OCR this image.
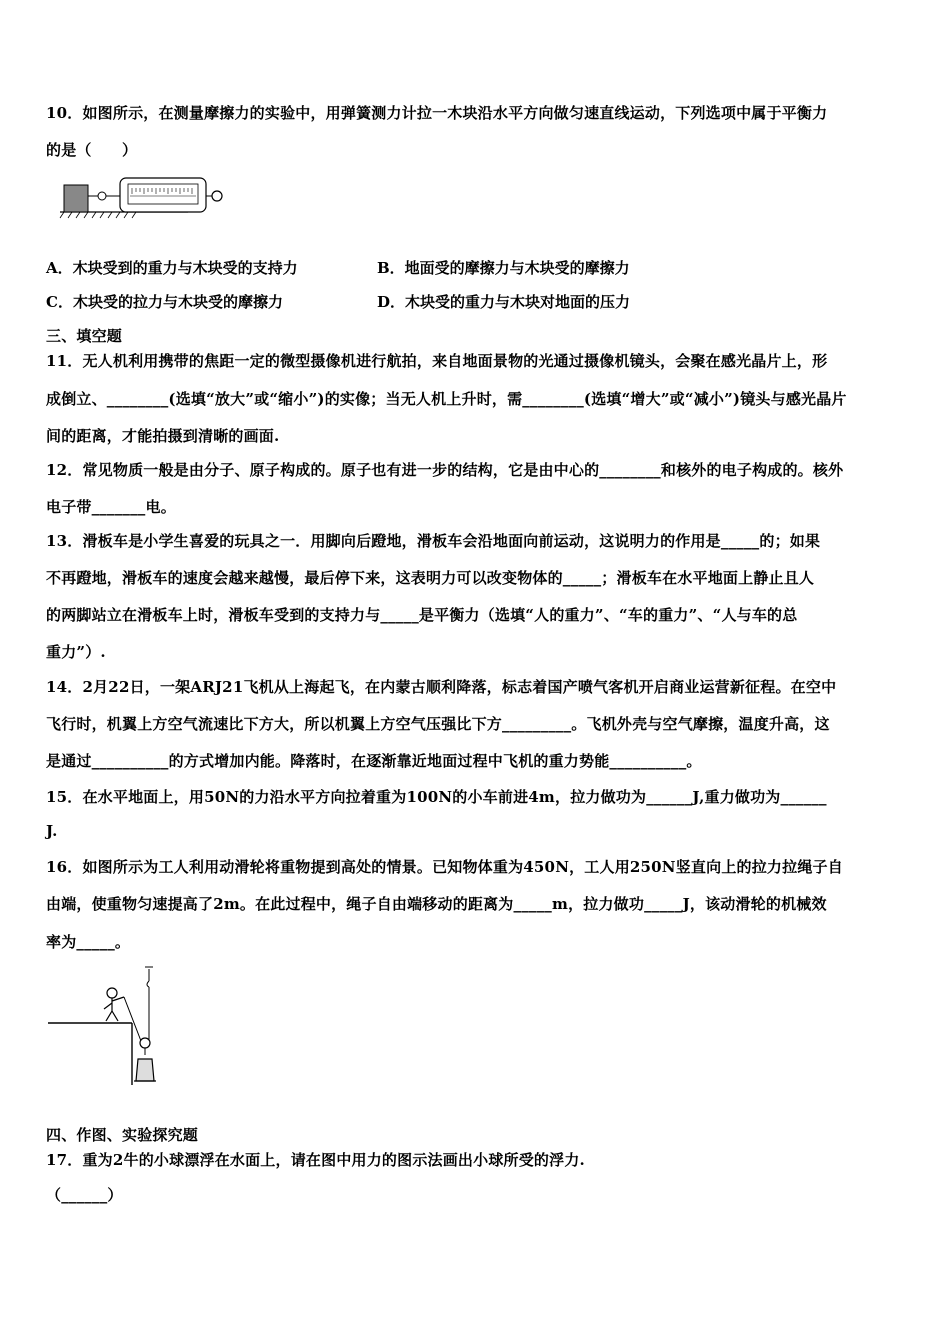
10．如图所示，在测量摩擦力的实验中，用弹簧测力计拉一木块沿水平方向做匀速直线运动，下列选项中属于平衡力
的是（　　）
A．木块受到的重力与木块受的支持力	B．地面受的摩擦力与木块受的摩擦力
C．木块受的拉力与木块受的摩擦力	D．木块受的重力与木块对地面的压力
三、填空题
11．无人机利用携带的焦距一定的微型摄像机进行航拍，来自地面景物的光通过摄像机镜头，会聚在感光晶片上，形
成倒立、________(选填“放大”或“缩小”)的实像；当无人机上升时，需________(选填“增大”或“减小”)镜头与感光晶片
间的距离，才能拍摄到清晰的画面.
12．常见物质一般是由分子、原子构成的。原子也有进一步的结构，它是由中心的________和核外的电子构成的。核外
电子带_______电。
13．滑板车是小学生喜爱的玩具之一．用脚向后蹬地，滑板车会沿地面向前运动，这说明力的作用是_____的；如果
不再蹬地，滑板车的速度会越来越慢，最后停下来，这表明力可以改变物体的_____；滑板车在水平地面上静止且人
的两脚站立在滑板车上时，滑板车受到的支持力与_____是平衡力（选填“人的重力”、“车的重力”、“人与车的总
重力”）.
14．2月22日，一架ARJ21飞机从上海起飞，在内蒙古顺利降落，标志着国产喷气客机开启商业运营新征程。在空中
飞行时，机翼上方空气流速比下方大，所以机翼上方空气压强比下方_________。飞机外壳与空气摩擦，温度升高，这
是通过__________的方式增加内能。降落时，在逐渐靠近地面过程中飞机的重力势能__________。
15．在水平地面上，用50N的力沿水平方向拉着重为100N的小车前进4m，拉力做功为______J,重力做功为______
J.
16．如图所示为工人利用动滑轮将重物提到高处的情景。已知物体重为450N，工人用250N竖直向上的拉力拉绳子自
由端，使重物匀速提高了2m。在此过程中，绳子自由端移动的距离为_____m，拉力做功_____J，该动滑轮的机械效
率为_____。
四、作图、实验探究题
17．重为2牛的小球漂浮在水面上，请在图中用力的图示法画出小球所受的浮力.
（______）
